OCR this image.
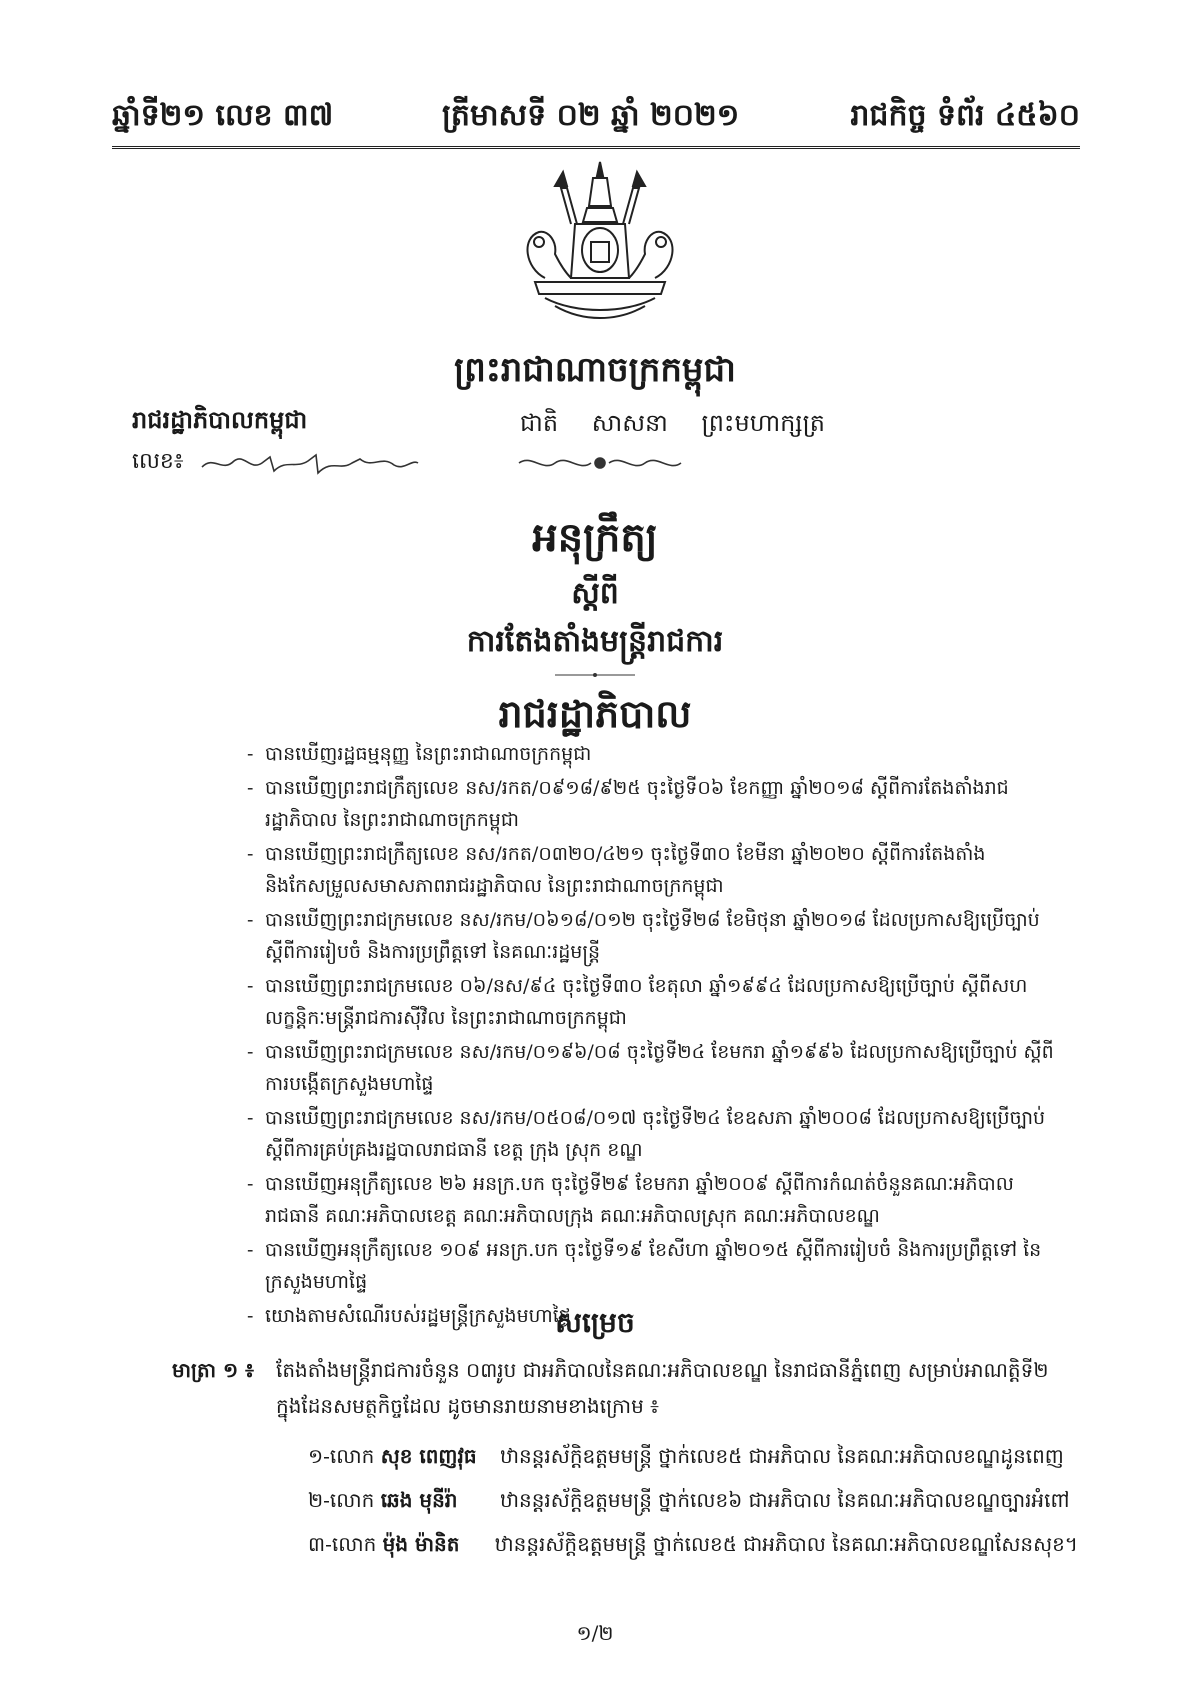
ឆ្នាំទី២១ លេខ ៣៧	ត្រីមាសទី ០២ ឆ្នាំ ២០២១	រាជកិច្ច ទំព័រ ៤៥៦០
ព្រះរាជាណាចក្រកម្ពុជា
ជាតិ សាសនា ព្រះមហាក្សត្រ
រាជរដ្ឋាភិបាលកម្ពុជា
លេខ៖
អនុក្រឹត្យ
ស្តីពី
ការតែងតាំងមន្ត្រីរាជការ
រាជរដ្ឋាភិបាល
- បានឃើញរដ្ឋធម្មនុញ្ញ នៃព្រះរាជាណាចក្រកម្ពុជា
- បានឃើញព្រះរាជក្រឹត្យលេខ នស/រកត/០៩១៨/៩២៥ ចុះថ្ងៃទី០៦ ខែកញ្ញា ឆ្នាំ២០១៨ ស្តីពីការតែងតាំងរាជរដ្ឋាភិបាល នៃព្រះរាជាណាចក្រកម្ពុជា
- បានឃើញព្រះរាជក្រឹត្យលេខ នស/រកត/០៣២០/៤២១ ចុះថ្ងៃទី៣០ ខែមីនា ឆ្នាំ២០២០ ស្តីពីការតែងតាំង និងកែសម្រួលសមាសភាពរាជរដ្ឋាភិបាល នៃព្រះរាជាណាចក្រកម្ពុជា
- បានឃើញព្រះរាជក្រមលេខ នស/រកម/០៦១៨/០១២ ចុះថ្ងៃទី២៨ ខែមិថុនា ឆ្នាំ២០១៨ ដែលប្រកាសឱ្យប្រើច្បាប់ស្តីពីការរៀបចំ និងការប្រព្រឹត្តទៅ នៃគណៈរដ្ឋមន្ត្រី
- បានឃើញព្រះរាជក្រមលេខ ០៦/នស/៩៤ ចុះថ្ងៃទី៣០ ខែតុលា ឆ្នាំ១៩៩៤ ដែលប្រកាសឱ្យប្រើច្បាប់ ស្តីពីសហលក្ខន្តិកៈមន្ត្រីរាជការស៊ីវិល នៃព្រះរាជាណាចក្រកម្ពុជា
- បានឃើញព្រះរាជក្រមលេខ នស/រកម/០១៩៦/០៨ ចុះថ្ងៃទី២៤ ខែមករា ឆ្នាំ១៩៩៦ ដែលប្រកាសឱ្យប្រើច្បាប់ ស្តីពីការបង្កើតក្រសួងមហាផ្ទៃ
- បានឃើញព្រះរាជក្រមលេខ នស/រកម/០៥០៨/០១៧ ចុះថ្ងៃទី២៤ ខែឧសភា ឆ្នាំ២០០៨ ដែលប្រកាសឱ្យប្រើច្បាប់ ស្តីពីការគ្រប់គ្រងរដ្ឋបាលរាជធានី ខេត្ត ក្រុង ស្រុក ខណ្ឌ
- បានឃើញអនុក្រឹត្យលេខ ២៦ អនក្រ.បក ចុះថ្ងៃទី២៩ ខែមករា ឆ្នាំ២០០៩ ស្តីពីការកំណត់ចំនួនគណៈអភិបាលរាជធានី គណៈអភិបាលខេត្ត គណៈអភិបាលក្រុង គណៈអភិបាលស្រុក គណៈអភិបាលខណ្ឌ
- បានឃើញអនុក្រឹត្យលេខ ១០៩ អនក្រ.បក ចុះថ្ងៃទី១៩ ខែសីហា ឆ្នាំ២០១៥ ស្តីពីការរៀបចំ និងការប្រព្រឹត្តទៅ នៃក្រសួងមហាផ្ទៃ
- យោងតាមសំណើរបស់រដ្ឋមន្ត្រីក្រសួងមហាផ្ទៃ
សម្រេច
មាត្រា ១ ៖ តែងតាំងមន្ត្រីរាជការចំនួន ០៣រូប ជាអភិបាលនៃគណៈអភិបាលខណ្ឌ នៃរាជធានីភ្នំពេញ សម្រាប់អាណត្តិទី២ ក្នុងដែនសមត្ថកិច្ចដែល ដូចមានរាយនាមខាងក្រោម ៖
១-លោក សុខ ពេញវុធ	ឋានន្តរស័ក្តិឧត្តមមន្ត្រី ថ្នាក់លេខ៥ ជាអភិបាល នៃគណៈអភិបាលខណ្ឌដូនពេញ
២-លោក ឆេង មុនីរ៉ា	ឋានន្តរស័ក្តិឧត្តមមន្ត្រី ថ្នាក់លេខ៦ ជាអភិបាល នៃគណៈអភិបាលខណ្ឌច្បារអំពៅ
៣-លោក ម៉ុង ម៉ានិត	ឋានន្តរស័ក្តិឧត្តមមន្ត្រី ថ្នាក់លេខ៥ ជាអភិបាល នៃគណៈអភិបាលខណ្ឌសែនសុខ។
១/២
